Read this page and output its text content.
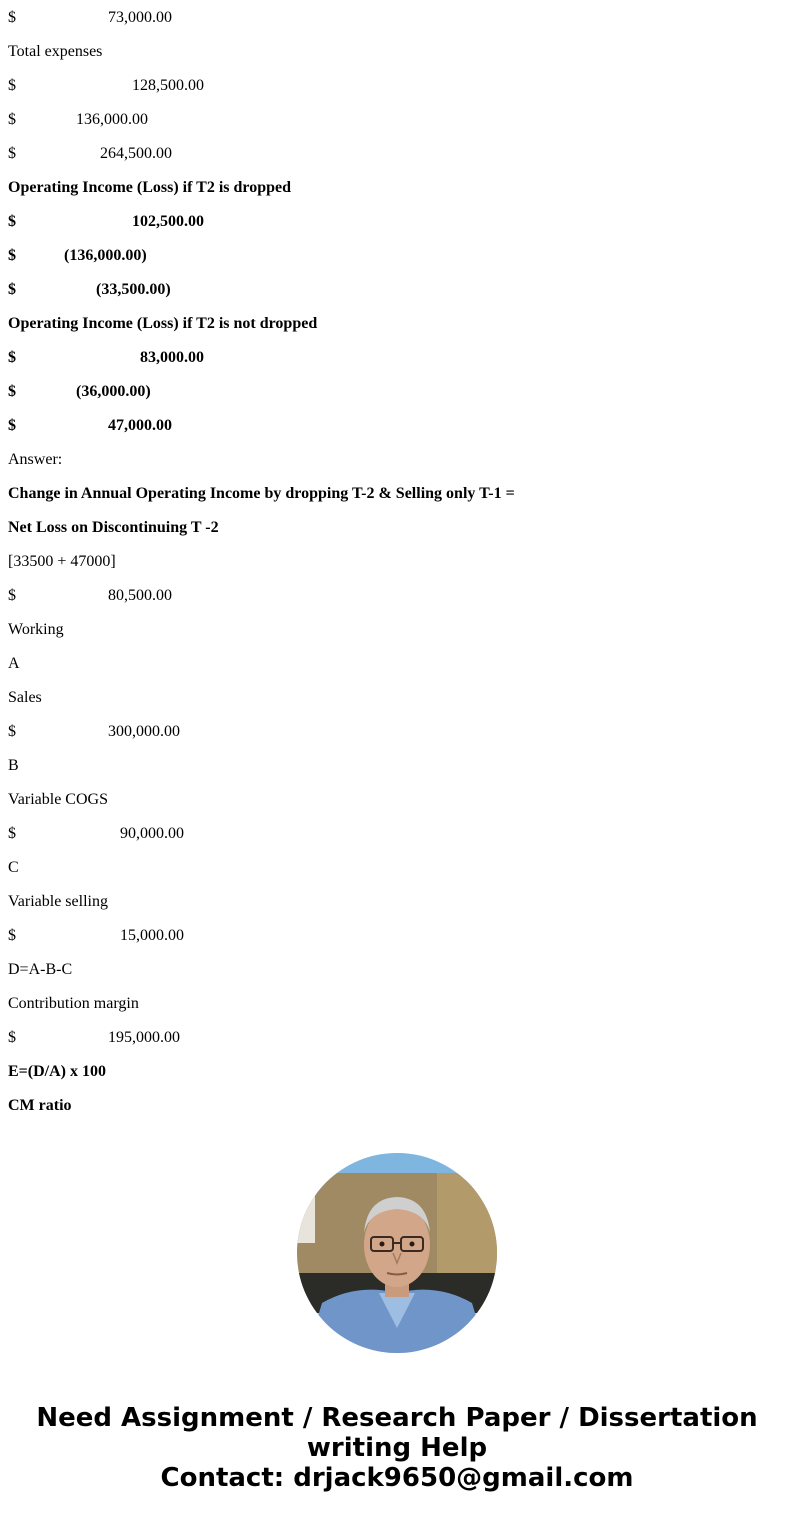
$                      73,000.00
Total expenses
$                            128,500.00
$              136,000.00
$                    264,500.00
Operating Income (Loss) if T2 is dropped
$                            102,500.00
$           (136,000.00)
$                   (33,500.00)
Operating Income (Loss) if T2 is not dropped
$                              83,000.00
$              (36,000.00)
$                      47,000.00
Answer:
Change in Annual Operating Income by dropping T-2 & Selling only T-1 =
Net Loss on Discontinuing T -2
[33500 + 47000]
$                      80,500.00
Working
A
Sales
$                      300,000.00
B
Variable COGS
$                         90,000.00
C
Variable selling
$                         15,000.00
D=A-B-C
Contribution margin
$                      195,000.00
E=(D/A) x 100
CM ratio
Need Assignment / Research Paper / Dissertation
writing Help
Contact: drjack9650@gmail.com
